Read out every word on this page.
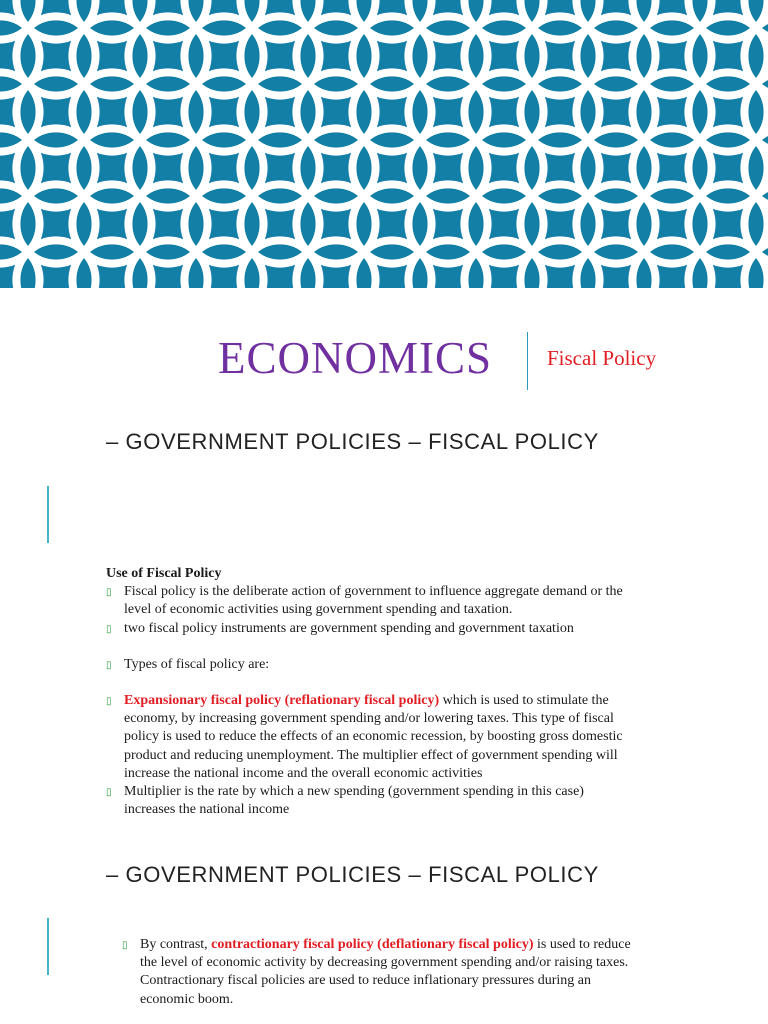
ECONOMICS	Fiscal Policy
– GOVERNMENT POLICIES – FISCAL POLICY

Use of Fiscal Policy

▯ Fiscal policy is the deliberate action of government to influence aggregate demand or the level of economic activities using government spending and taxation.

▯ two fiscal policy instruments are government spending and government taxation

▯ Types of fiscal policy are:

▯ Expansionary fiscal policy (reflationary fiscal policy) which is used to stimulate the economy, by increasing government spending and/or lowering taxes. This type of fiscal policy is used to reduce the effects of an economic recession, by boosting gross domestic product and reducing unemployment. The multiplier effect of government spending will increase the national income and the overall economic activities

▯ Multiplier is the rate by which a new spending (government spending in this case) increases the national income

– GOVERNMENT POLICIES – FISCAL POLICY

▯ By contrast, contractionary fiscal policy (deflationary fiscal policy) is used to reduce the level of economic activity by decreasing government spending and/or raising taxes. Contractionary fiscal policies are used to reduce inflationary pressures during an economic boom.
